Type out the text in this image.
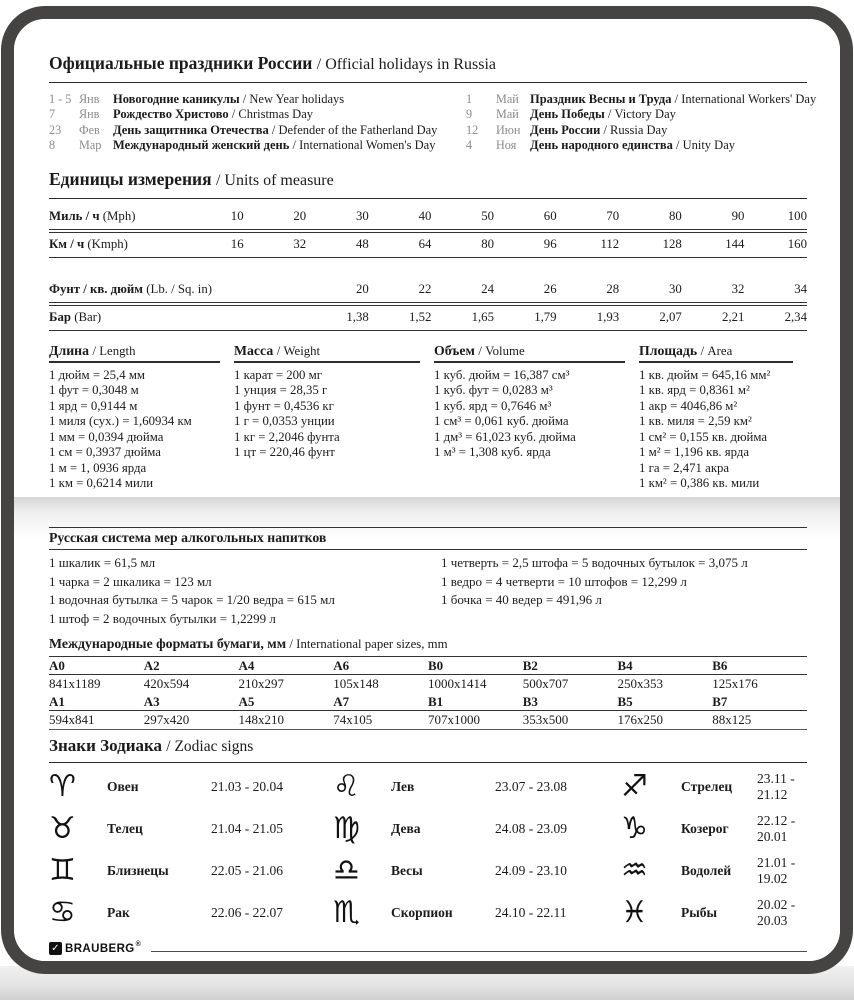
Официальные праздники России / Official holidays in Russia
1 - 5 Янв	Новогодние каникулы / New Year holidays
7	Янв	Рождество Христово / Christmas Day
23	Фев	День защитника Отечества / Defender of the Fatherland Day
8	Мар Международный женский день / International Women's Day
1	Май Праздник Весны и Труда / International Workers' Day
9	Май День Победы / Victory Day
12	Июн День России / Russia Day
4	Ноя	День народного единства / Unity Day
Единицы измерения / Units of measure
Миль / ч (Mph)	10	20	30	40	50	60	70	80	90	100
Км / ч (Kmph)	16	32	48	64	80	96	112	128	144	160
Фунт / кв. дюйм (Lb. / Sq. in)	20	22	24	26	28	30	32	34
Бар (Bar)	1,38	1,52	1,65	1,79	1,93	2,07	2,21	2,34
Длина / Length
1 дюйм = 25,4 мм
1 фут = 0,3048 м
1 ярд = 0,9144 м
1 миля (сух.) = 1,60934 км
1 мм = 0,0394 дюйма
1 см = 0,3937 дюйма
1 м = 1, 0936 ярда
1 км = 0,6214 мили
Масса / Weight
1 карат = 200 мг
1 унция = 28,35 г
1 фунт = 0,4536 кг
1 г = 0,0353 унции
1 кг = 2,2046 фунта
1 цт = 220,46 фунт
Объем / Volume
1 куб. дюйм = 16,387 см³
1 куб. фут = 0,0283 м³
1 куб. ярд = 0,7646 м³
1 см³ = 0,061 куб. дюйма
1 дм³ = 61,023 куб. дюйма
1 м³ = 1,308 куб. ярда
Площадь / Area
1 кв. дюйм = 645,16 мм²
1 кв. ярд = 0,8361 м²
1 акр = 4046,86 м²
1 кв. миля = 2,59 км²
1 см² = 0,155 кв. дюйма
1 м² = 1,196 кв. ярда
1 га = 2,471 акра
1 км² = 0,386 кв. мили
Русская система мер алкогольных напитков
1 шкалик = 61,5 мл
1 чарка = 2 шкалика = 123 мл
1 водочная бутылка = 5 чарок = 1/20 ведра = 615 мл
1 штоф = 2 водочных бутылки = 1,2299 л
1 четверть = 2,5 штофа = 5 водочных бутылок = 3,075 л
1 ведро = 4 четверти = 10 штофов = 12,299 л
1 бочка = 40 ведер = 491,96 л
Международные форматы бумаги, мм / International paper sizes, mm
A0	A2	A4	A6	B0	B2	B4	B6
841x1189	420x594	210x297	105x148	1000x1414	500x707	250x353	125x176
A1	A3	A5	A7	B1	B3	B5	B7
594x841	297x420	148x210	74x105	707x1000	353x500	176x250	88x125
Знаки Зодиака / Zodiac signs
♈	Овен	21.03 - 20.04
♉	Телец	21.04 - 21.05
♊	Близнецы	22.05 - 21.06
♋	Рак	22.06 - 22.07
♌	Лев	23.07 - 23.08
♍	Дева	24.08 - 23.09
♎	Весы	24.09 - 23.10
♏	Скорпион	24.10 - 22.11
♐	Стрелец
23.11 - 21.12
♑	Козерог
22.12 - 20.01
♒	Водолей
21.01 - 19.02
♓	Рыбы
20.02 - 20.03
✓ BRAUBERG ®
